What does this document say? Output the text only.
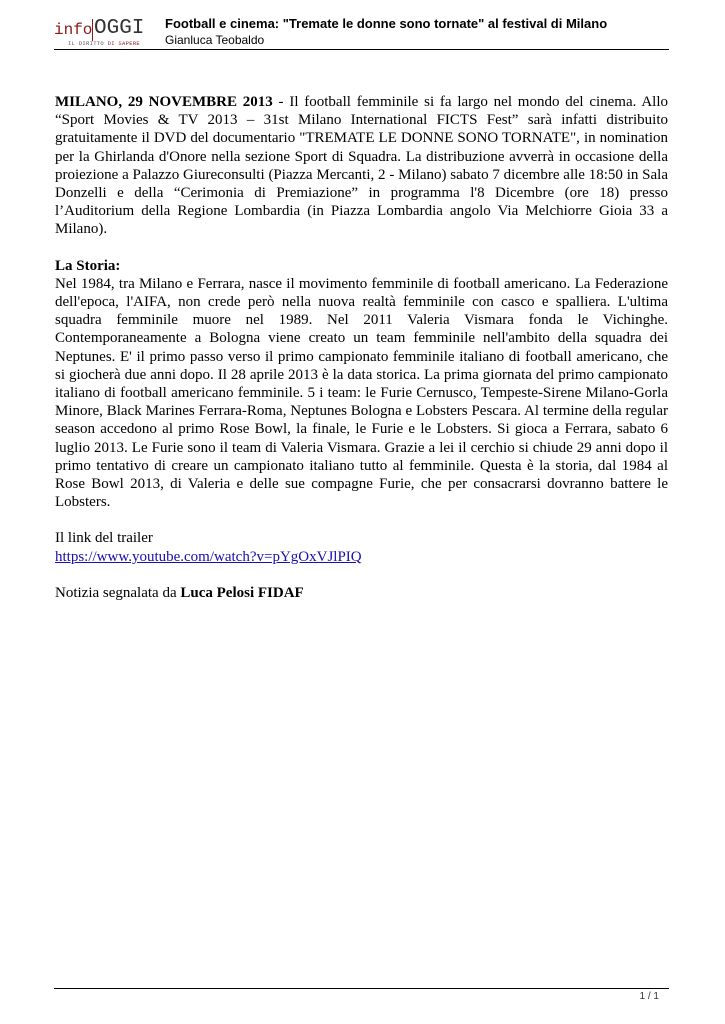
info OGGI
IL DIRITTO DI SAPERE
Football e cinema: "Tremate le donne sono tornate" al festival di Milano
Gianluca Teobaldo

MILANO, 29 NOVEMBRE 2013 - Il football femminile si fa largo nel mondo del cinema. Allo “Sport Movies & TV 2013 – 31st Milano International FICTS Fest” sarà infatti distribuito gratuitamente il DVD del documentario "TREMATE LE DONNE SONO TORNATE", in nomination per la Ghirlanda d'Onore nella sezione Sport di Squadra. La distribuzione avverrà in occasione della proiezione a Palazzo Giureconsulti (Piazza Mercanti, 2 - Milano) sabato 7 dicembre alle 18:50 in Sala Donzelli e della “Cerimonia di Premiazione” in programma l'8 Dicembre (ore 18) presso l’Auditorium della Regione Lombardia (in Piazza Lombardia angolo Via Melchiorre Gioia 33 a Milano).

La Storia:

Nel 1984, tra Milano e Ferrara, nasce il movimento femminile di football americano. La Federazione dell'epoca, l'AIFA, non crede però nella nuova realtà femminile con casco e spalliera. L'ultima squadra femminile muore nel 1989. Nel 2011 Valeria Vismara fonda le Vichinghe. Contemporaneamente a Bologna viene creato un team femminile nell'ambito della squadra dei Neptunes. E' il primo passo verso il primo campionato femminile italiano di football americano, che si giocherà due anni dopo. Il 28 aprile 2013 è la data storica. La prima giornata del primo campionato italiano di football americano femminile. 5 i team: le Furie Cernusco, Tempeste-Sirene Milano-Gorla Minore, Black Marines Ferrara-Roma, Neptunes Bologna e Lobsters Pescara. Al termine della regular season accedono al primo Rose Bowl, la finale, le Furie e le Lobsters. Si gioca a Ferrara, sabato 6 luglio 2013. Le Furie sono il team di Valeria Vismara. Grazie a lei il cerchio si chiude 29 anni dopo il primo tentativo di creare un campionato italiano tutto al femminile. Questa è la storia, dal 1984 al Rose Bowl 2013, di Valeria e delle sue compagne Furie, che per consacrarsi dovranno battere le Lobsters.

Il link del trailer

https://www.youtube.com/watch?v=pYgOxVJlPIQ

Notizia segnalata da Luca Pelosi FIDAF

1 / 1
